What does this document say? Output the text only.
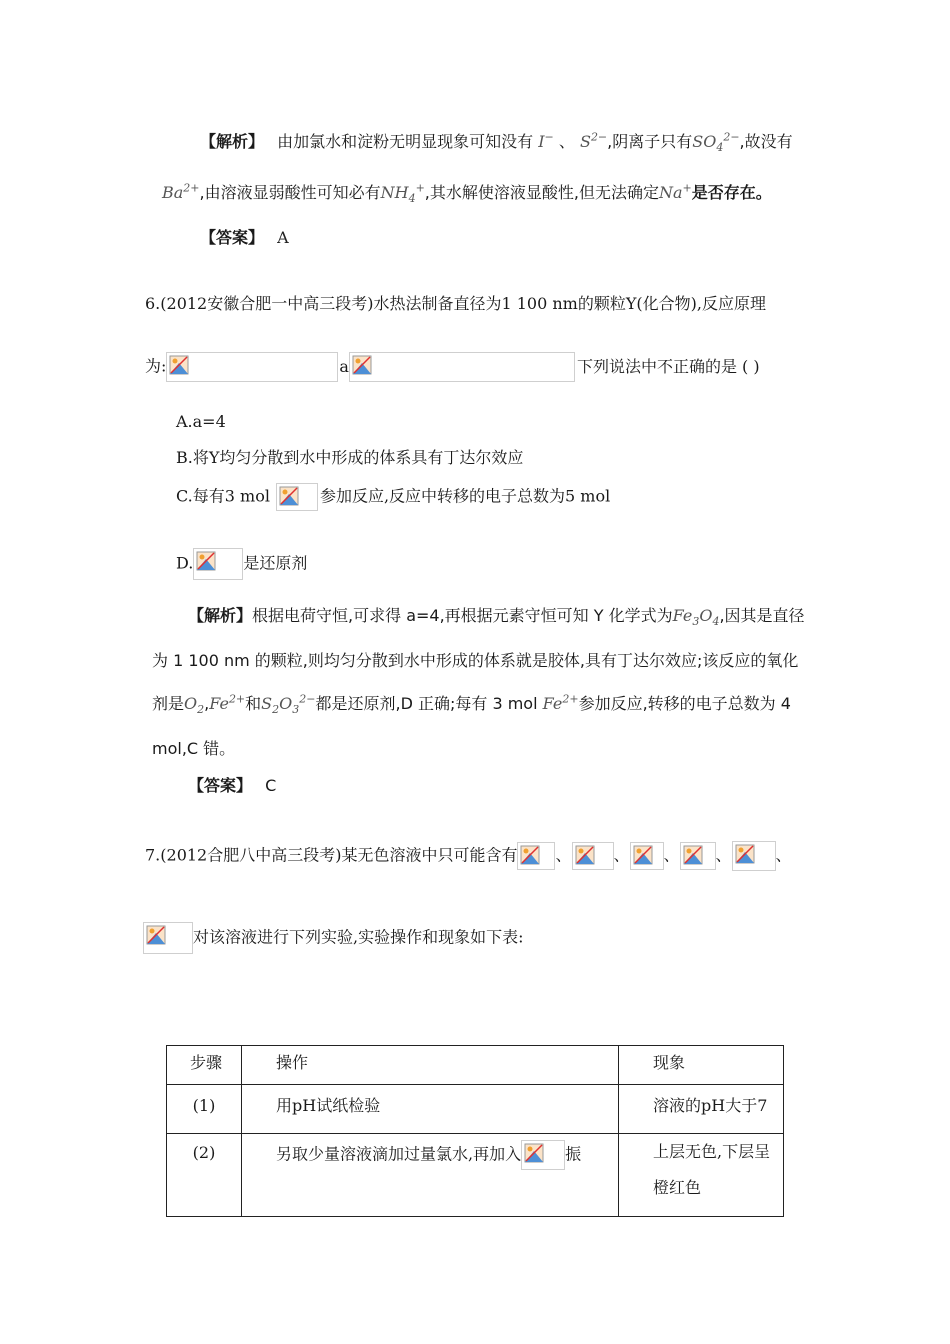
【解析】 由加氯水和淀粉无明显现象可知没有 I− 、 $S^{2-}$,阴离子只有$SO_4^{2-}$,故没有
$Ba^{2+}$,由溶液显弱酸性可知必有$NH_4^+$,其水解使溶液显酸性,但无法确定Na+是否存在。
【答案】 A
6.(2012安徽合肥一中高三段考)水热法制备直径为1 100 nm的颗粒Y(化合物),反应原理
为:	a	下列说法中不正确的是 ( )
A.a=4
B.将Y均匀分散到水中形成的体系具有丁达尔效应
C.每有3 mol	参加反应,反应中转移的电子总数为5 mol
D.	是还原剂
【解析】根据电荷守恒,可求得 a=4,再根据元素守恒可知 Y 化学式为$Fe_3O_4$,因其是直径
为 1 100 nm 的颗粒,则均匀分散到水中形成的体系就是胶体,具有丁达尔效应;该反应的氧化
剂是$O_2,Fe^{2+}$和$S_2O_3^{2-}$都是还原剂,D 正确;每有 3 mol $Fe^{2+}$参加反应,转移的电子总数为 4
mol,C 错。
【答案】 C
7.(2012合肥八中高三段考)某无色溶液中只可能含有 、	、 、 、	、
对该溶液进行下列实验,实验操作和现象如下表:
步骤	操作	现象

(1)	用pH试纸检验	溶液的pH大于7

(2)	另取少量溶液滴加过量氯水,再加入 振	上层无色,下层呈橙红色
